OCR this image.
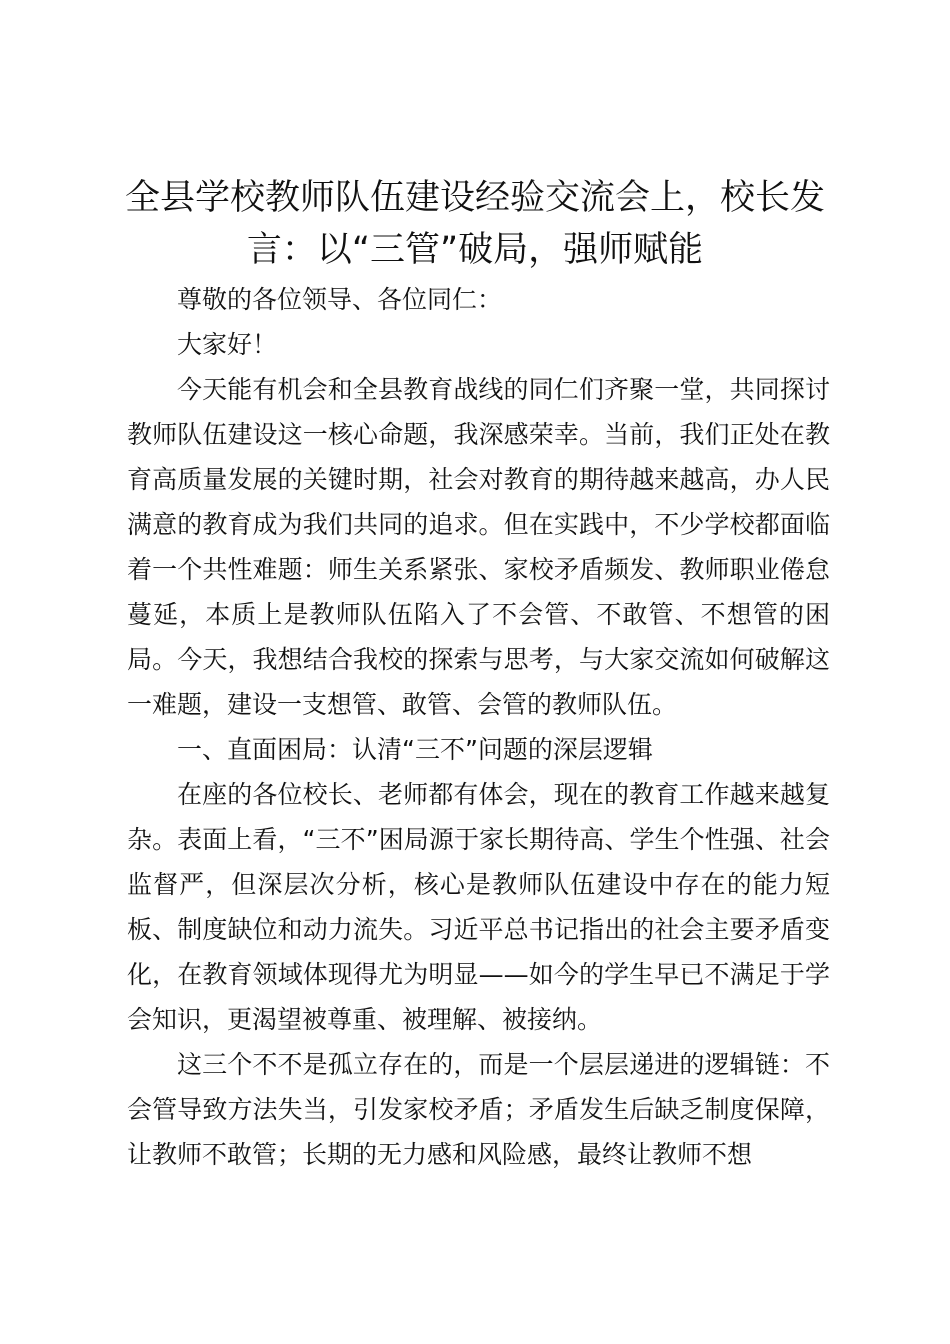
全县学校教师队伍建设经验交流会上，校长发言：以“三管”破局，强师赋能

尊敬的各位领导、各位同仁：

大家好！

今天能有机会和全县教育战线的同仁们齐聚一堂，共同探讨教师队伍建设这一核心命题，我深感荣幸。当前，我们正处在教育高质量发展的关键时期，社会对教育的期待越来越高，办人民满意的教育成为我们共同的追求。但在实践中，不少学校都面临着一个共性难题：师生关系紧张、家校矛盾频发、教师职业倦怠蔓延，本质上是教师队伍陷入了不会管、不敢管、不想管的困局。今天，我想结合我校的探索与思考，与大家交流如何破解这一难题，建设一支想管、敢管、会管的教师队伍。

一、直面困局：认清“三不”问题的深层逻辑

在座的各位校长、老师都有体会，现在的教育工作越来越复杂。表面上看，“三不”困局源于家长期待高、学生个性强、社会监督严，但深层次分析，核心是教师队伍建设中存在的能力短板、制度缺位和动力流失。习近平总书记指出的社会主要矛盾变化，在教育领域体现得尤为明显——如今的学生早已不满足于学会知识，更渴望被尊重、被理解、被接纳。

这三个不不是孤立存在的，而是一个层层递进的逻辑链：不会管导致方法失当，引发家校矛盾；矛盾发生后缺乏制度保障，让教师不敢管；长期的无力感和风险感，最终让教师不想
